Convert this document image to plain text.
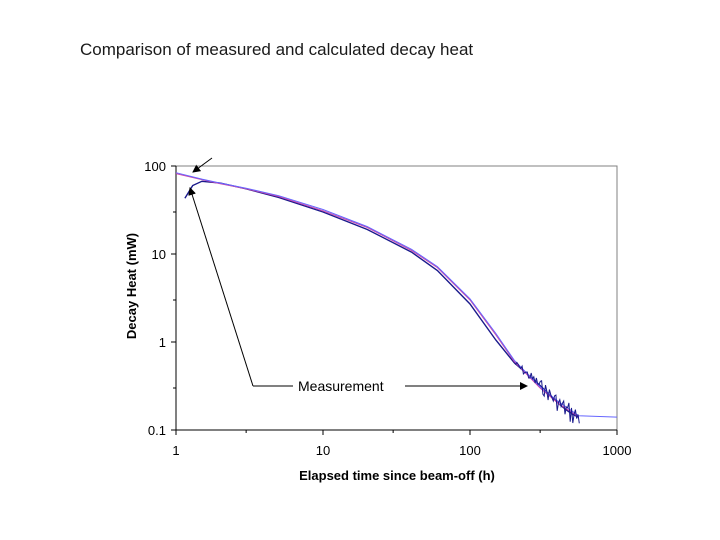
Comparison of measured and calculated decay heat
1	10	100	1000
0.1
1
10
100
Measurement
Elapsed time since beam-off (h)
Decay Heat (mW)
